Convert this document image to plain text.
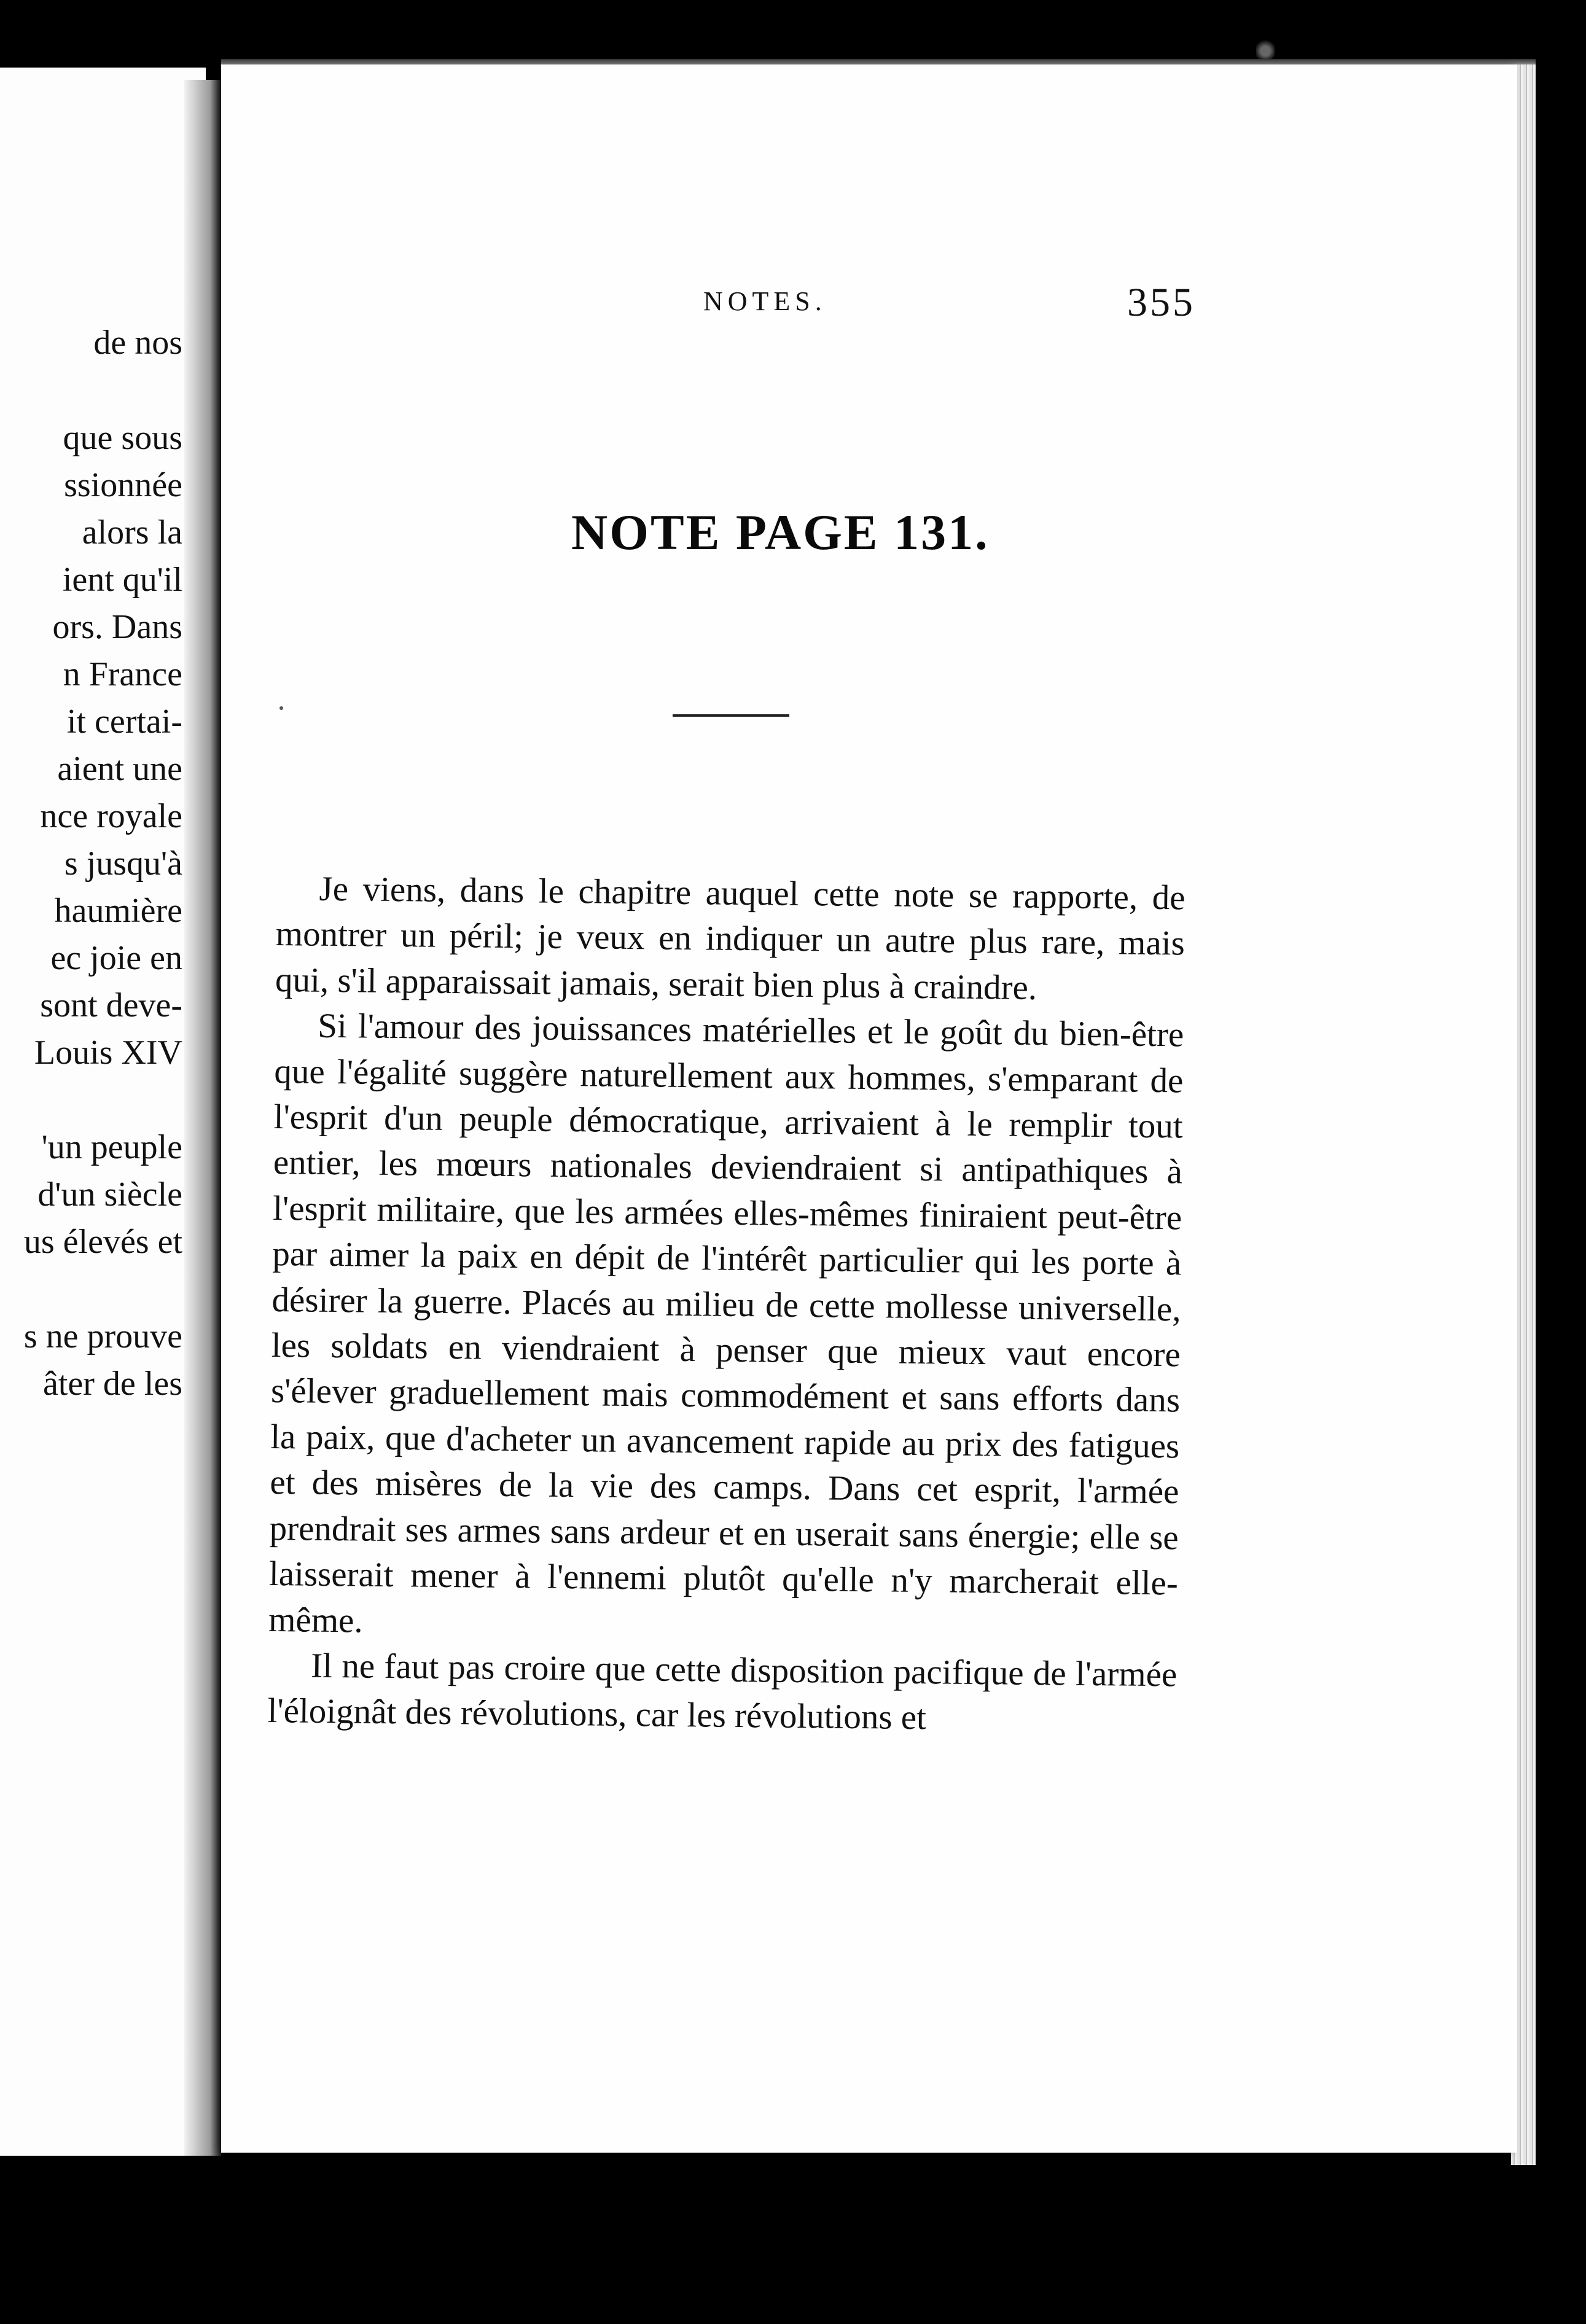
de nos
que sous
ssionnée
alors la
ient qu'il
ors. Dans
n France
it certai-
aient une
nce royale
s jusqu'à
haumière
ec joie en
sont deve-
Louis XIV
'un peuple
d'un siècle
us élevés et
s ne prouve
âter de les
NOTES.	355
NOTE PAGE 131.

Je viens, dans le chapitre auquel cette note se rapporte, de montrer un péril; je veux en indiquer un autre plus rare, mais qui, s'il apparaissait jamais, serait bien plus à craindre.

Si l'amour des jouissances matérielles et le goût du bien-être que l'égalité suggère naturellement aux hommes, s'emparant de l'esprit d'un peuple démocratique, arrivaient à le remplir tout entier, les mœurs nationales deviendraient si antipathiques à l'esprit militaire, que les armées elles-mêmes finiraient peut-être par aimer la paix en dépit de l'intérêt particulier qui les porte à désirer la guerre. Placés au milieu de cette mollesse universelle, les soldats en viendraient à penser que mieux vaut encore s'élever graduellement mais commodément et sans efforts dans la paix, que d'acheter un avancement rapide au prix des fatigues et des misères de la vie des camps. Dans cet esprit, l'armée prendrait ses armes sans ardeur et en userait sans énergie; elle se laisserait mener à l'ennemi plutôt qu'elle n'y marcherait elle-même.

Il ne faut pas croire que cette disposition pacifique de l'armée l'éloignât des révolutions, car les révolutions et
